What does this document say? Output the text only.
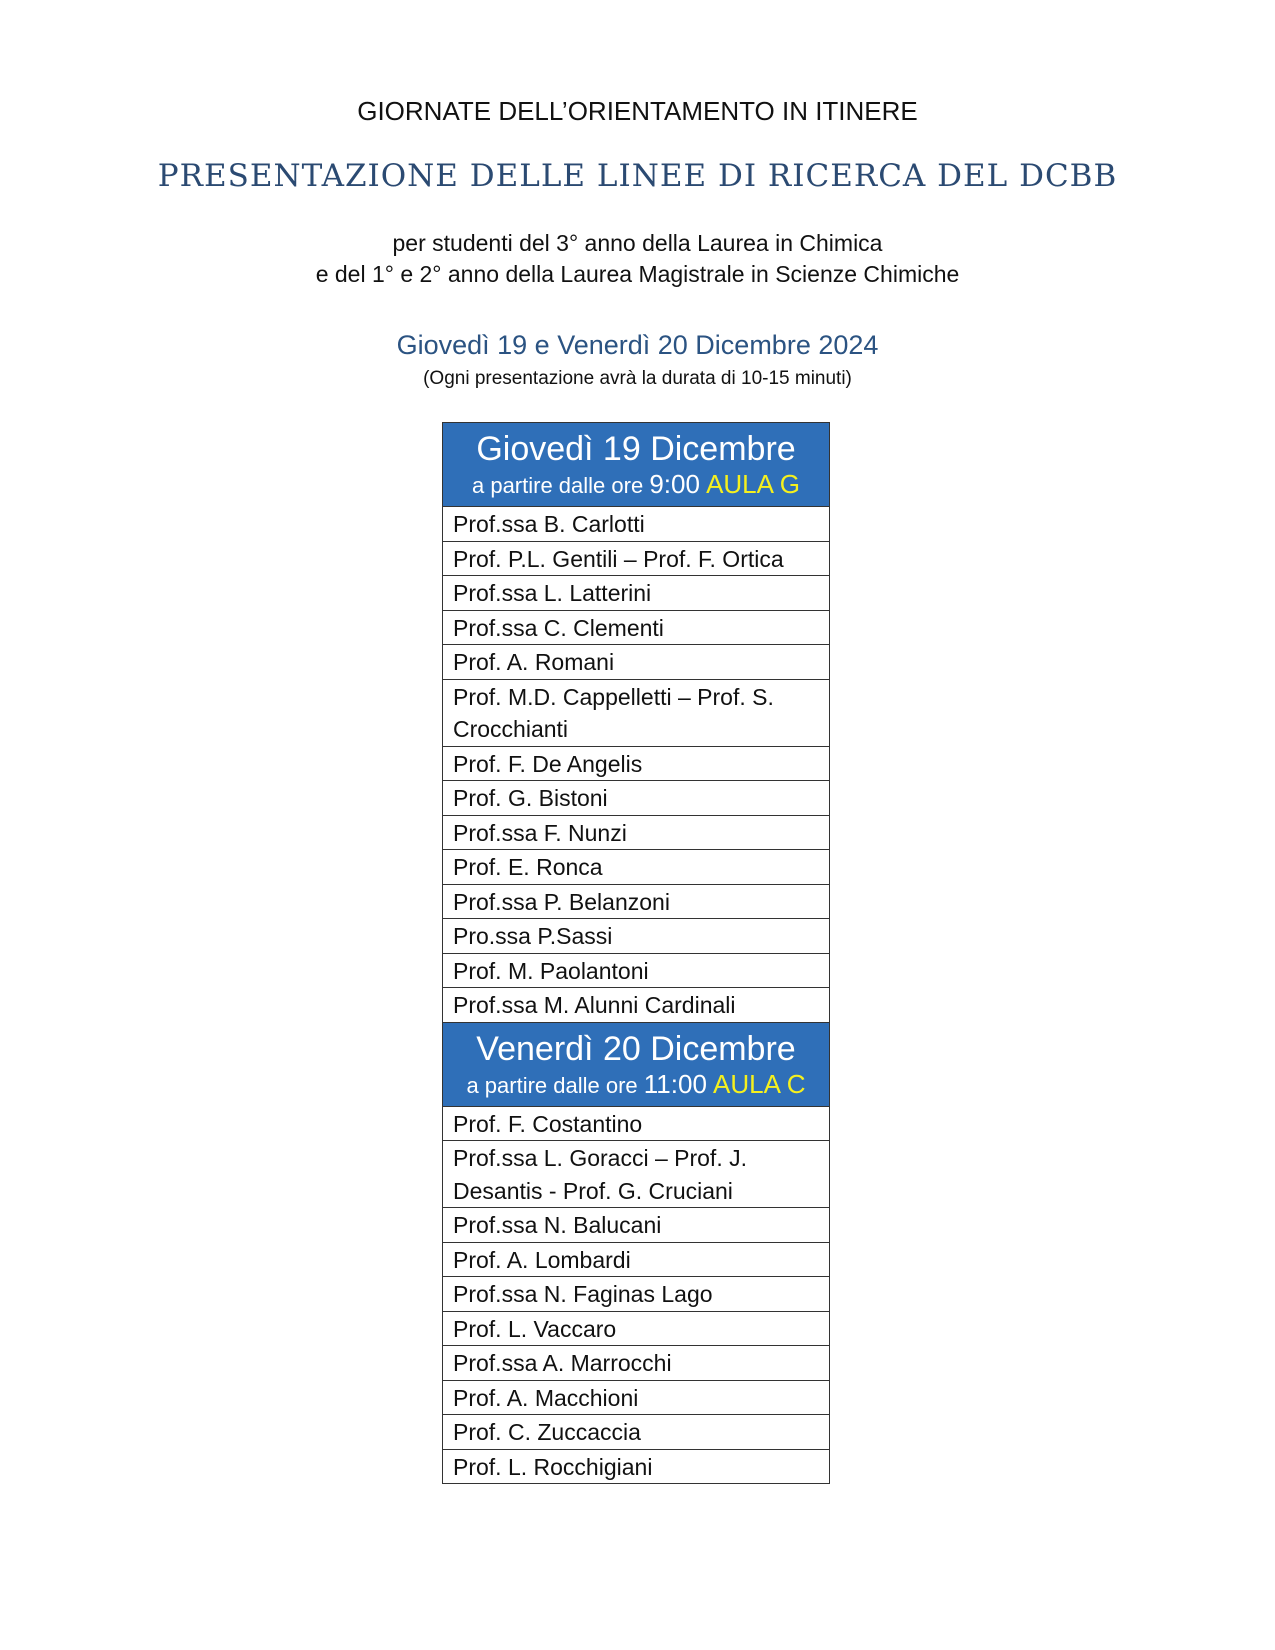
GIORNATE DELL’ORIENTAMENTO IN ITINERE
PRESENTAZIONE DELLE LINEE DI RICERCA DEL DCBB
per studenti del 3° anno della Laurea in Chimica
e del 1° e 2° anno della Laurea Magistrale in Scienze Chimiche
Giovedì 19 e Venerdì 20 Dicembre 2024
(Ogni presentazione avrà la durata di 10-15 minuti)
Giovedì 19 Dicembre
a partire dalle ore 9:00 AULA G
Prof.ssa B. Carlotti
Prof. P.L. Gentili – Prof. F. Ortica
Prof.ssa L. Latterini
Prof.ssa C. Clementi
Prof. A. Romani
Prof. M.D. Cappelletti – Prof. S. Crocchianti
Prof. F. De Angelis
Prof. G. Bistoni
Prof.ssa F. Nunzi
Prof. E. Ronca
Prof.ssa P. Belanzoni
Pro.ssa P.Sassi
Prof. M. Paolantoni
Prof.ssa M. Alunni Cardinali
Venerdì 20 Dicembre
a partire dalle ore 11:00 AULA C
Prof. F. Costantino
Prof.ssa L. Goracci – Prof. J. Desantis - Prof. G. Cruciani
Prof.ssa N. Balucani
Prof. A. Lombardi
Prof.ssa N. Faginas Lago
Prof. L. Vaccaro
Prof.ssa A. Marrocchi
Prof. A. Macchioni
Prof. C. Zuccaccia
Prof. L. Rocchigiani
